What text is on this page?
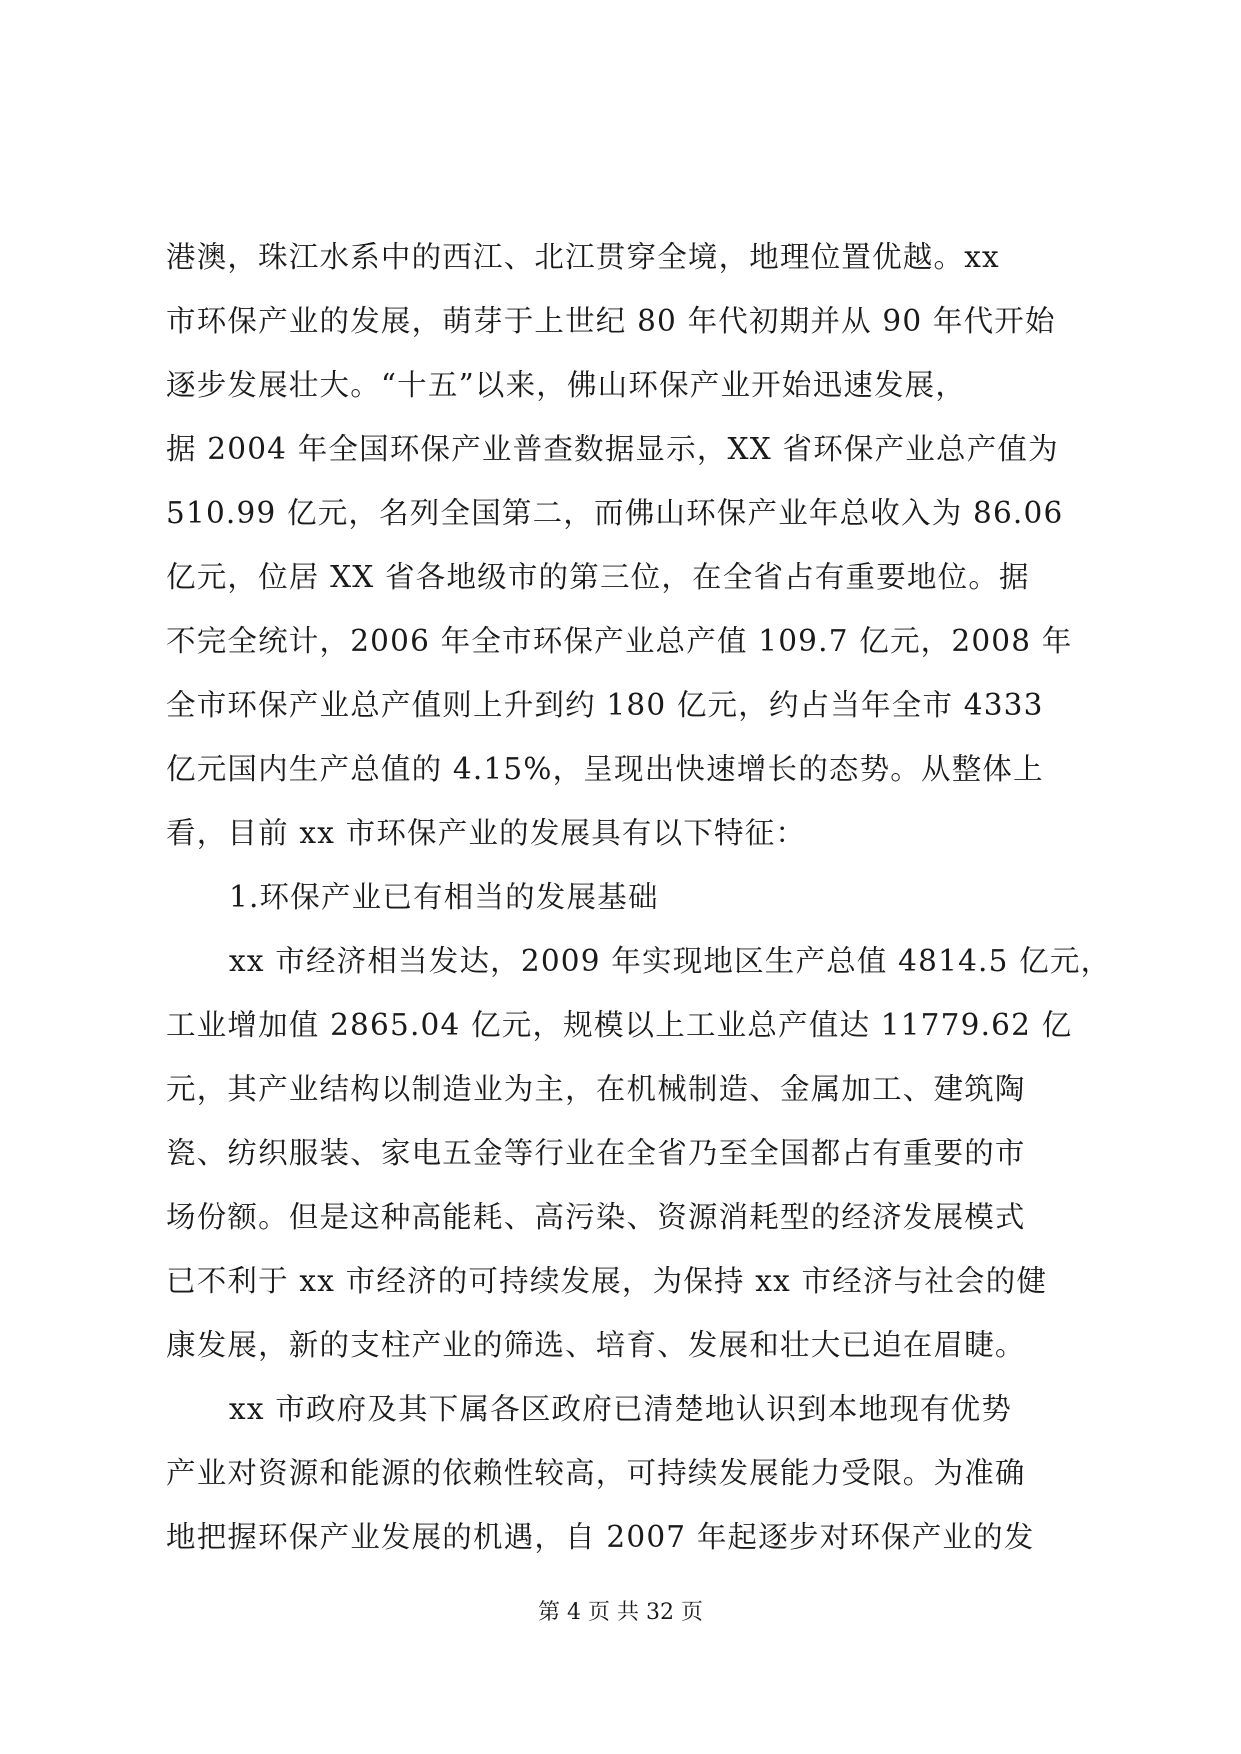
港澳，珠江水系中的西江、北江贯穿全境，地理位置优越。xx
市环保产业的发展，萌芽于上世纪 80 年代初期并从 90 年代开始
逐步发展壮大。“十五”以来，佛山环保产业开始迅速发展，
据 2004 年全国环保产业普查数据显示，XX 省环保产业总产值为
510.99 亿元，名列全国第二，而佛山环保产业年总收入为 86.06
亿元，位居 XX 省各地级市的第三位，在全省占有重要地位。据
不完全统计，2006 年全市环保产业总产值 109.7 亿元，2008 年
全市环保产业总产值则上升到约 180 亿元，约占当年全市 4333
亿元国内生产总值的 4.15%，呈现出快速增长的态势。从整体上
看，目前 xx 市环保产业的发展具有以下特征：
1.环保产业已有相当的发展基础
xx 市经济相当发达，2009 年实现地区生产总值 4814.5 亿元，
工业增加值 2865.04 亿元，规模以上工业总产值达 11779.62 亿
元，其产业结构以制造业为主，在机械制造、金属加工、建筑陶
瓷、纺织服装、家电五金等行业在全省乃至全国都占有重要的市
场份额。但是这种高能耗、高污染、资源消耗型的经济发展模式
已不利于 xx 市经济的可持续发展，为保持 xx 市经济与社会的健
康发展，新的支柱产业的筛选、培育、发展和壮大已迫在眉睫。
xx 市政府及其下属各区政府已清楚地认识到本地现有优势
产业对资源和能源的依赖性较高，可持续发展能力受限。为准确
地把握环保产业发展的机遇，自 2007 年起逐步对环保产业的发
第 4 页 共 32 页
